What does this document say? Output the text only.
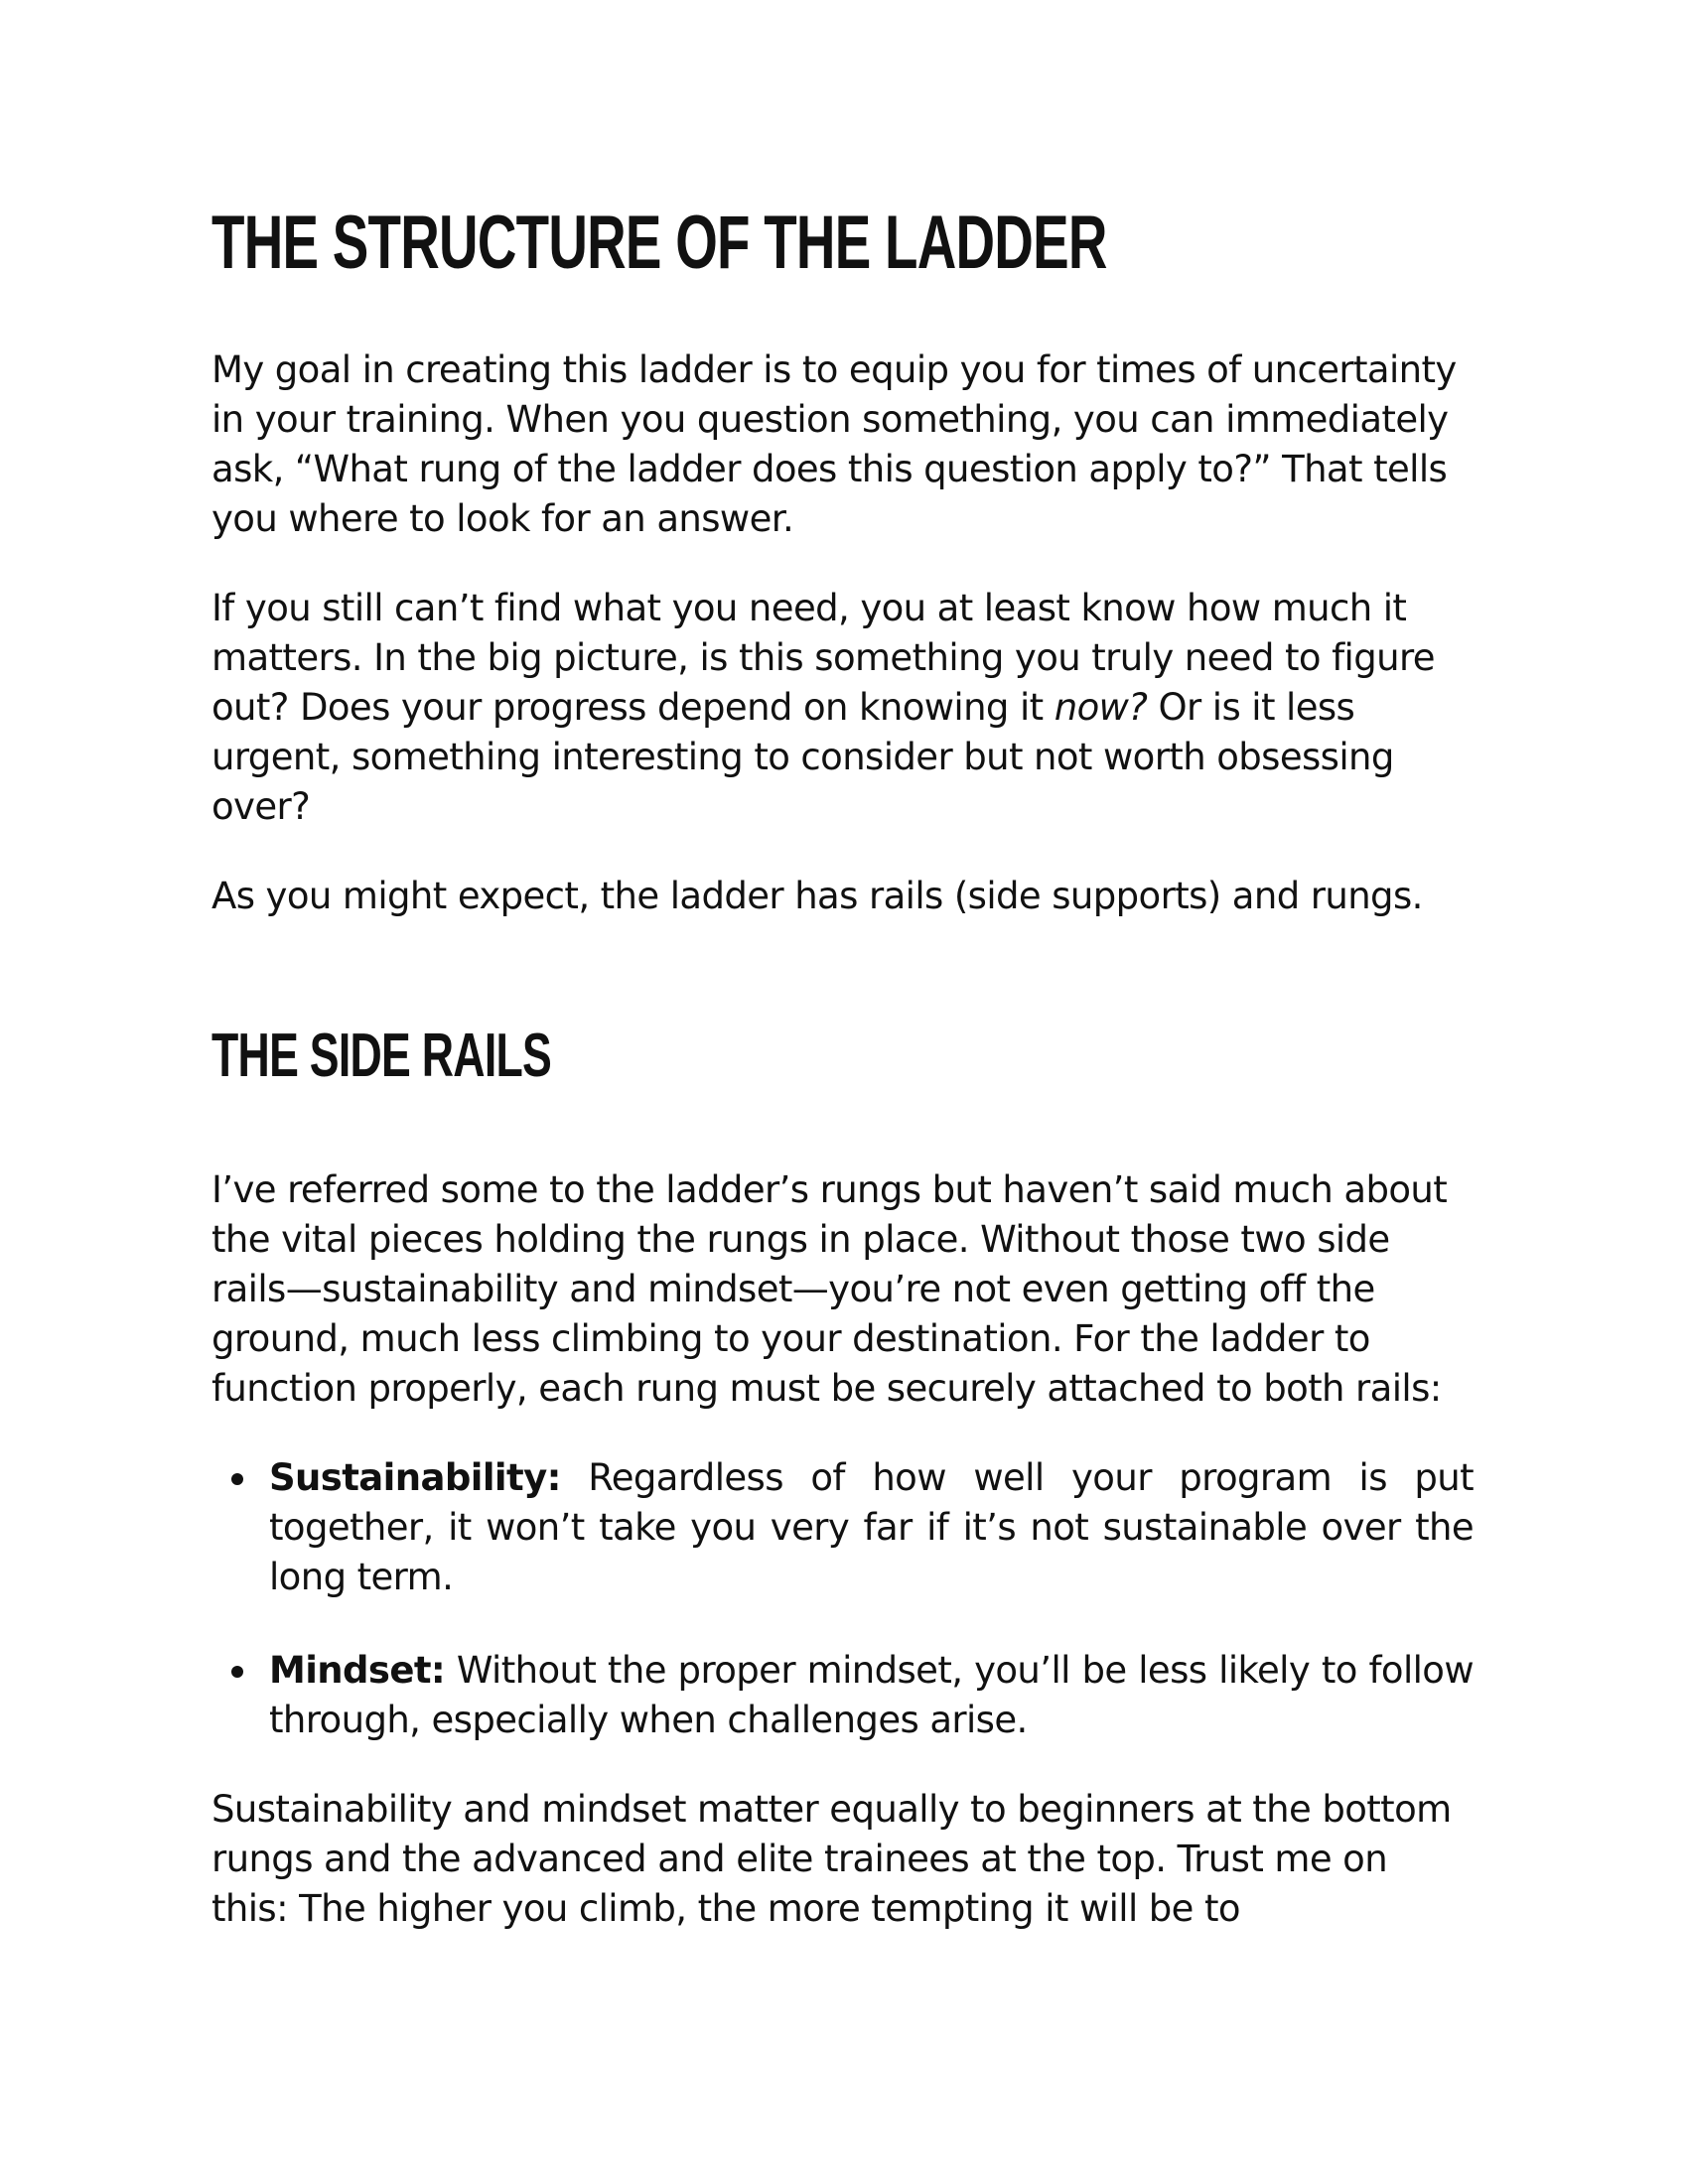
THE STRUCTURE OF THE LADDER

My goal in creating this ladder is to equip you for times of uncertainty in your training. When you question something, you can immediately ask, “What rung of the ladder does this question apply to?” That tells you where to look for an answer.

If you still can’t find what you need, you at least know how much it matters. In the big picture, is this something you truly need to figure out? Does your progress depend on knowing it now? Or is it less urgent, something interesting to consider but not worth obsessing over?

As you might expect, the ladder has rails (side supports) and rungs.

THE SIDE RAILS

I’ve referred some to the ladder’s rungs but haven’t said much about the vital pieces holding the rungs in place. Without those two side rails—sustainability and mindset—you’re not even getting off the ground, much less climbing to your destination. For the ladder to function properly, each rung must be securely attached to both rails:

Sustainability: Regardless of how well your program is put together, it won’t take you very far if it’s not sustainable over the long term.
Mindset: Without the proper mindset, you’ll be less likely to follow through, especially when challenges arise.

Sustainability and mindset matter equally to beginners at the bottom rungs and the advanced and elite trainees at the top. Trust me on this: The higher you climb, the more tempting it will be to
